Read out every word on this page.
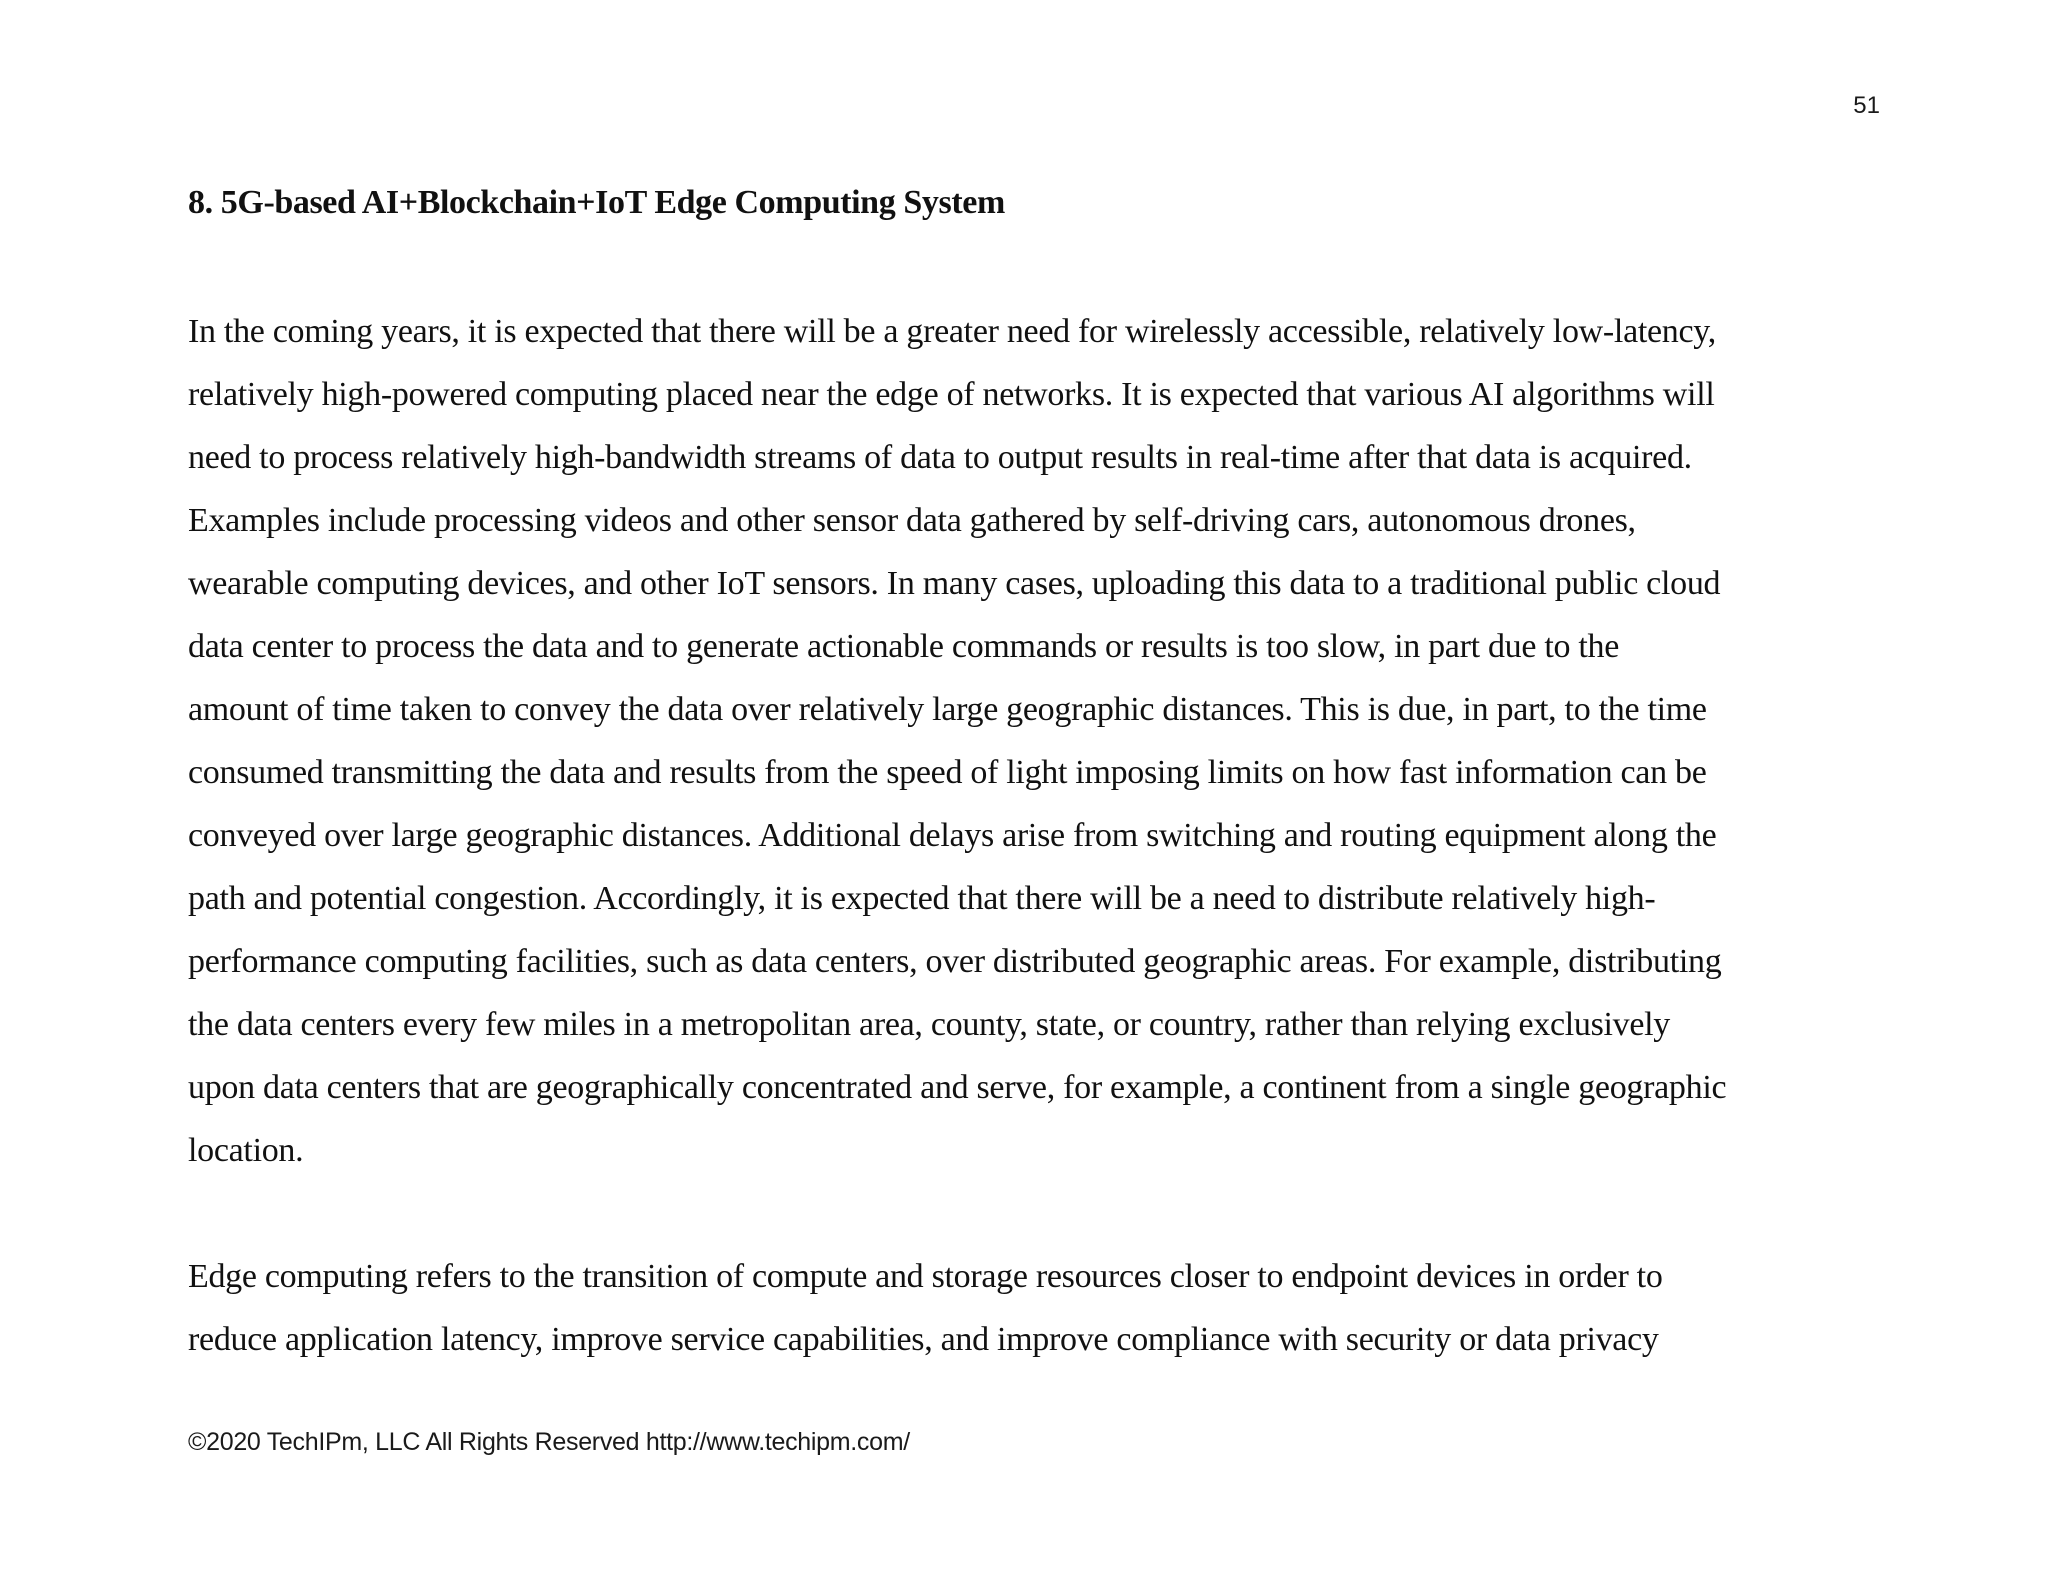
51
8. 5G-based AI+Blockchain+IoT Edge Computing System

In the coming years, it is expected that there will be a greater need for wirelessly accessible, relatively low-latency,

relatively high-powered computing placed near the edge of networks. It is expected that various AI algorithms will

need to process relatively high-bandwidth streams of data to output results in real-time after that data is acquired.

Examples include processing videos and other sensor data gathered by self-driving cars, autonomous drones,

wearable computing devices, and other IoT sensors. In many cases, uploading this data to a traditional public cloud

data center to process the data and to generate actionable commands or results is too slow, in part due to the

amount of time taken to convey the data over relatively large geographic distances. This is due, in part, to the time

consumed transmitting the data and results from the speed of light imposing limits on how fast information can be

conveyed over large geographic distances. Additional delays arise from switching and routing equipment along the

path and potential congestion. Accordingly, it is expected that there will be a need to distribute relatively high-

performance computing facilities, such as data centers, over distributed geographic areas. For example, distributing

the data centers every few miles in a metropolitan area, county, state, or country, rather than relying exclusively

upon data centers that are geographically concentrated and serve, for example, a continent from a single geographic

location.

Edge computing refers to the transition of compute and storage resources closer to endpoint devices in order to

reduce application latency, improve service capabilities, and improve compliance with security or data privacy

©2020 TechIPm, LLC All Rights Reserved http://www.techipm.com/
